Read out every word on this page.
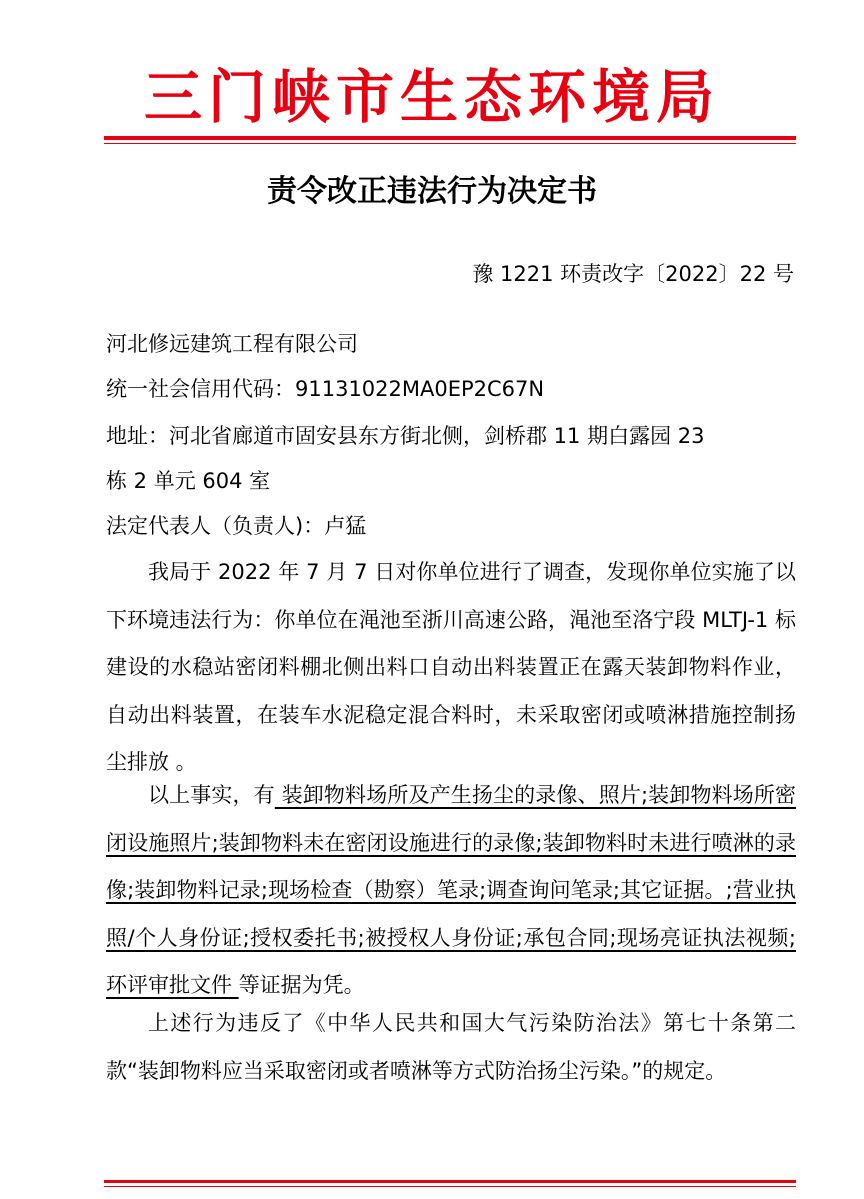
三门峡市生态环境局
责令改正违法行为决定书
豫 1221 环责改字〔2022〕22 号
河北修远建筑工程有限公司
统一社会信用代码：91131022MA0EP2C67N
地址：河北省廊道市固安县东方街北侧，剑桥郡 11 期白露园 23
栋 2 单元 604 室
法定代表人（负责人)：卢猛

我局于 2022 年 7 月 7 日对你单位进行了调查，发现你单位实施了以下环境违法行为：你单位在渑池至浙川高速公路，渑池至洛宁段 MLTJ-1 标建设的水稳站密闭料棚北侧出料口自动出料装置正在露天装卸物料作业，自动出料装置，在装车水泥稳定混合料时，未采取密闭或喷淋措施控制扬尘排放 。

以上事实，有 装卸物料场所及产生扬尘的录像、照片;装卸物料场所密闭设施照片;装卸物料未在密闭设施进行的录像;装卸物料时未进行喷淋的录像;装卸物料记录;现场检查（勘察）笔录;调查询问笔录;其它证据。;营业执照/个人身份证;授权委托书;被授权人身份证;承包合同;现场亮证执法视频;环评审批文件 等证据为凭。

上述行为违反了《中华人民共和国大气污染防治法》第七十条第二款“装卸物料应当采取密闭或者喷淋等方式防治扬尘污染。”的规定。
